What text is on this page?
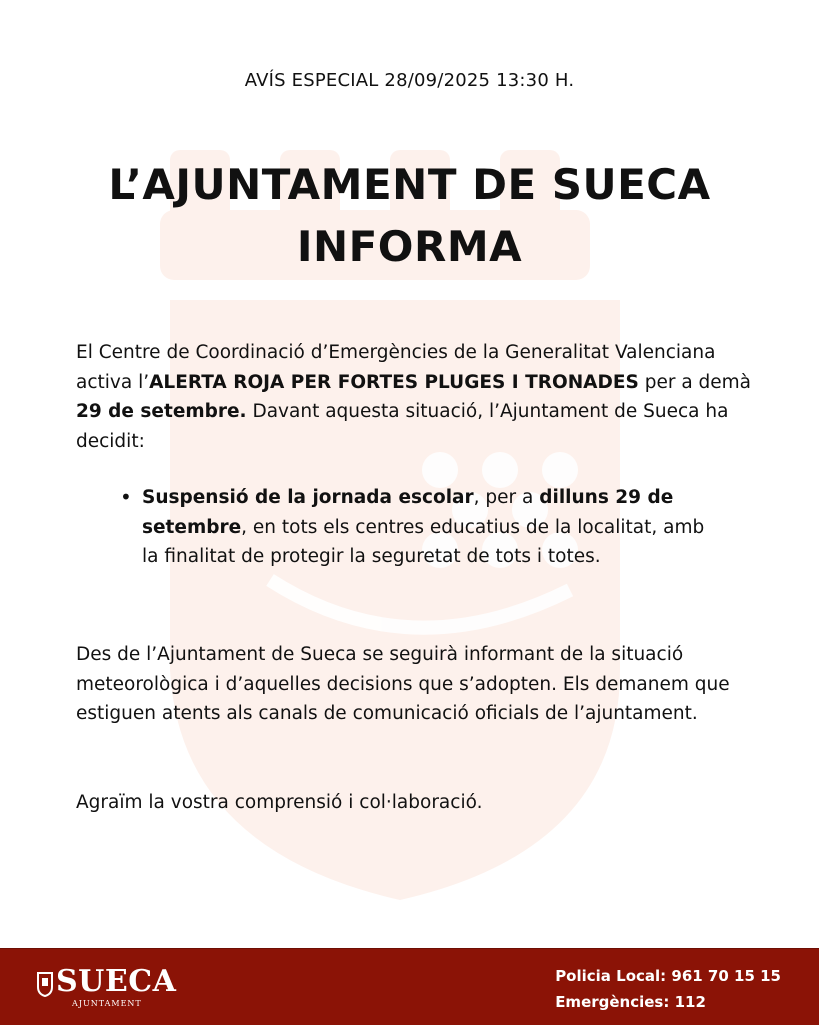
AVÍS ESPECIAL 28/09/2025 13:30 H.
L’AJUNTAMENT DE SUECA
INFORMA

El Centre de Coordinació d’Emergències de la Generalitat Valenciana activa l’ALERTA ROJA PER FORTES PLUGES I TRONADES per a demà 29 de setembre. Davant aquesta situació, l’Ajuntament de Sueca ha decidit:

• Suspensió de la jornada escolar, per a dilluns 29 de setembre, en tots els centres educatius de la localitat, amb la finalitat de protegir la seguretat de tots i totes.

Des de l’Ajuntament de Sueca se seguirà informant de la situació meteorològica i d’aquelles decisions que s’adopten. Els demanem que estiguen atents als canals de comunicació oficials de l’ajuntament.

Agraïm la vostra comprensió i col·laboració.

SUECA
AJUNTAMENT
Policia Local: 961 70 15 15
Emergències: 112
